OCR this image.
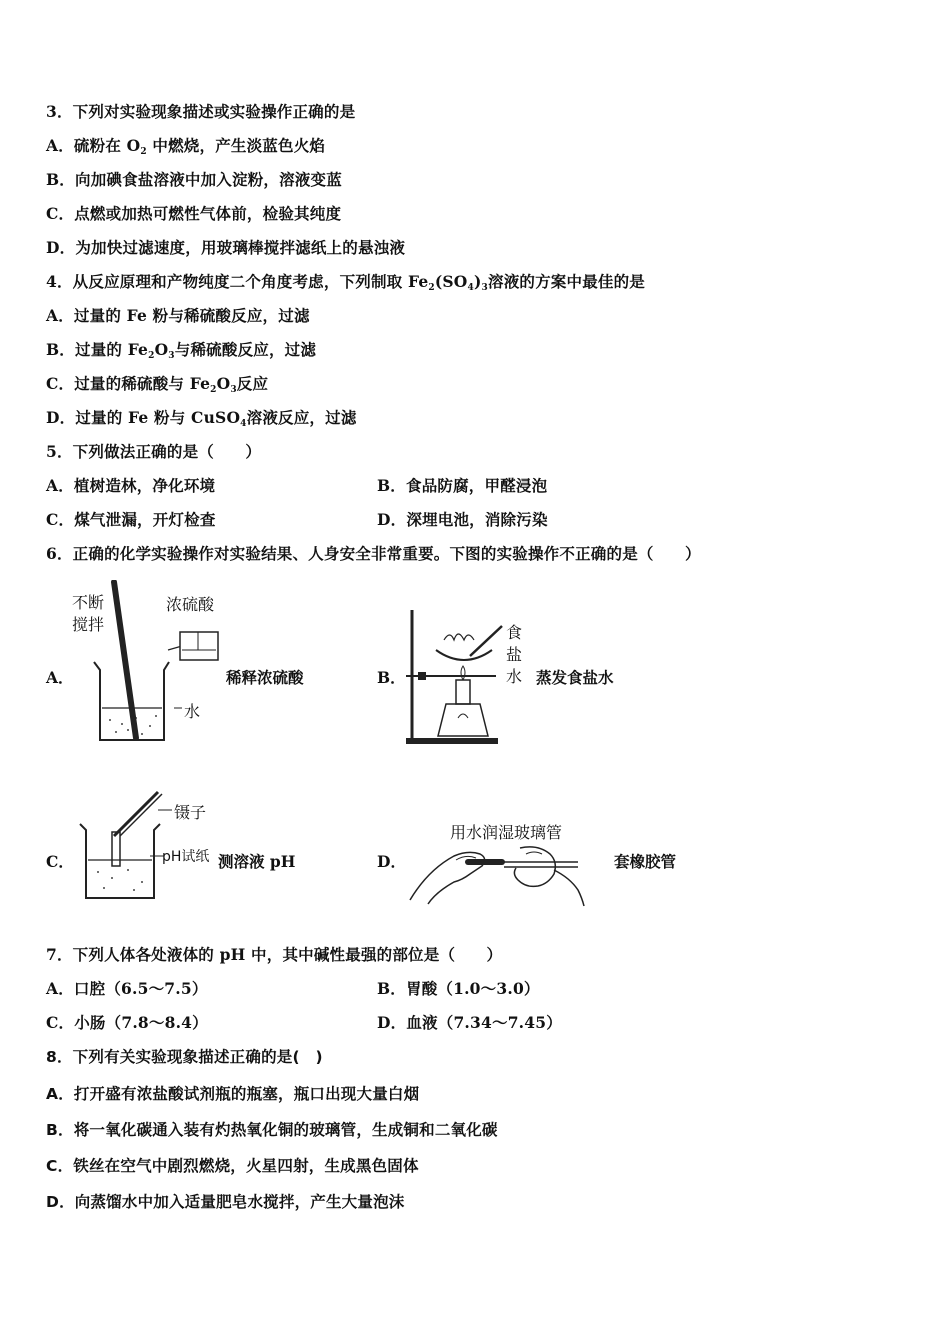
3．下列对实验现象描述或实验操作正确的是
A．硫粉在 $O_2$ 中燃烧，产生淡蓝色火焰
B．向加碘食盐溶液中加入淀粉，溶液变蓝
C．点燃或加热可燃性气体前，检验其纯度
D．为加快过滤速度，用玻璃棒搅拌滤纸上的悬浊液
4．从反应原理和产物纯度二个角度考虑，下列制取 $Fe_2(SO_4)_3$溶液的方案中最佳的是
A．过量的 Fe 粉与稀硫酸反应，过滤
B．过量的 $Fe_2O_3$与稀硫酸反应，过滤
C．过量的稀硫酸与 $Fe_2O_3$反应
D．过量的 Fe 粉与 CuSO$_4$溶液反应，过滤
5．下列做法正确的是（　　）
A．植树造林，净化环境	B．食品防腐，甲醛浸泡
C．煤气泄漏，开灯检查	D．深埋电池，消除污染
6．正确的化学实验操作对实验结果、人身安全非常重要。下图的实验操作不正确的是（　　）
A．
不断搅拌
浓硫酸
水
稀释浓硫酸	B．
食盐水 蒸发食盐水
C．
镊子
pH试纸 测溶液 pH	D．
用水润湿玻璃管
套橡胶管
7．下列人体各处液体的 pH 中，其中碱性最强的部位是（　　）
A．口腔（6.5～7.5）	B．胃酸（1.0～3.0）
C．小肠（7.8～8.4）	D．血液（7.34～7.45）
8．下列有关实验现象描述正确的是(　)
A．打开盛有浓盐酸试剂瓶的瓶塞，瓶口出现大量白烟
B．将一氧化碳通入装有灼热氧化铜的玻璃管，生成铜和二氧化碳
C．铁丝在空气中剧烈燃烧，火星四射，生成黑色固体
D．向蒸馏水中加入适量肥皂水搅拌，产生大量泡沫
